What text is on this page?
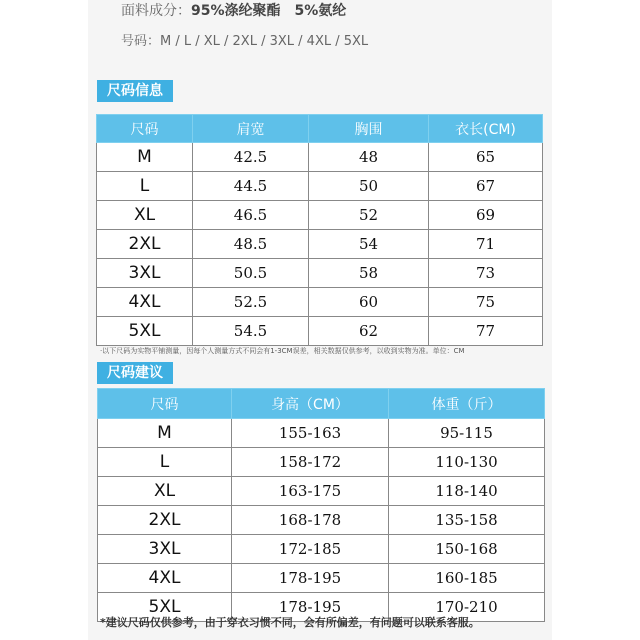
面料成分：95%涤纶聚酯　5%氨纶
号码：M / L / XL / 2XL / 3XL / 4XL / 5XL
尺码信息
尺码	肩宽	胸围	衣长(CM)
M	42.5	48	65
L	44.5	50	67
XL	46.5	52	69
2XL	48.5	54	71
3XL	50.5	58	73
4XL	52.5	60	75
5XL	54.5	62	77
·以下尺码为实物平铺测量，因每个人测量方式不同会有1-3CM误差，相关数据仅供参考，以收到实物为准。单位：CM
尺码建议
尺码	身高（CM）	体重（斤）
M	155-163	95-115
L	158-172	110-130
XL	163-175	118-140
2XL	168-178	135-158
3XL	172-185	150-168
4XL	178-195	160-185
5XL	178-195	170-210
*建议尺码仅供参考，由于穿衣习惯不同，会有所偏差，有问题可以联系客服。
